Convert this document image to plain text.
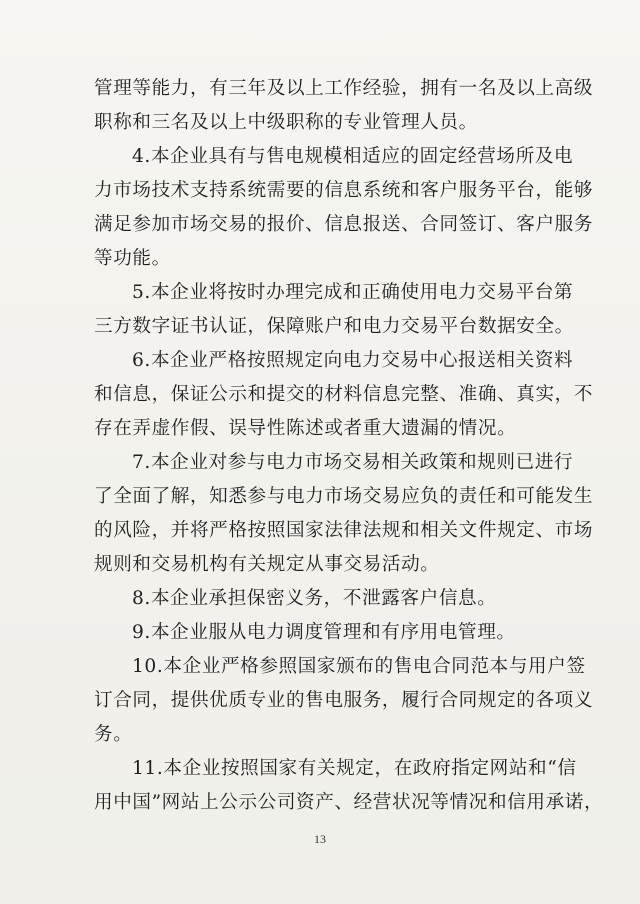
管理等能力，有三年及以上工作经验，拥有一名及以上高级
职称和三名及以上中级职称的专业管理人员。

4.本企业具有与售电规模相适应的固定经营场所及电
力市场技术支持系统需要的信息系统和客户服务平台，能够
满足参加市场交易的报价、信息报送、合同签订、客户服务
等功能。

5.本企业将按时办理完成和正确使用电力交易平台第
三方数字证书认证，保障账户和电力交易平台数据安全。

6.本企业严格按照规定向电力交易中心报送相关资料
和信息，保证公示和提交的材料信息完整、准确、真实，不
存在弄虚作假、误导性陈述或者重大遗漏的情况。

7.本企业对参与电力市场交易相关政策和规则已进行
了全面了解，知悉参与电力市场交易应负的责任和可能发生
的风险，并将严格按照国家法律法规和相关文件规定、市场
规则和交易机构有关规定从事交易活动。

8.本企业承担保密义务，不泄露客户信息。

9.本企业服从电力调度管理和有序用电管理。

10.本企业严格参照国家颁布的售电合同范本与用户签
订合同，提供优质专业的售电服务，履行合同规定的各项义
务。

11.本企业按照国家有关规定，在政府指定网站和“信
用中国”网站上公示公司资产、经营状况等情况和信用承诺，

13
